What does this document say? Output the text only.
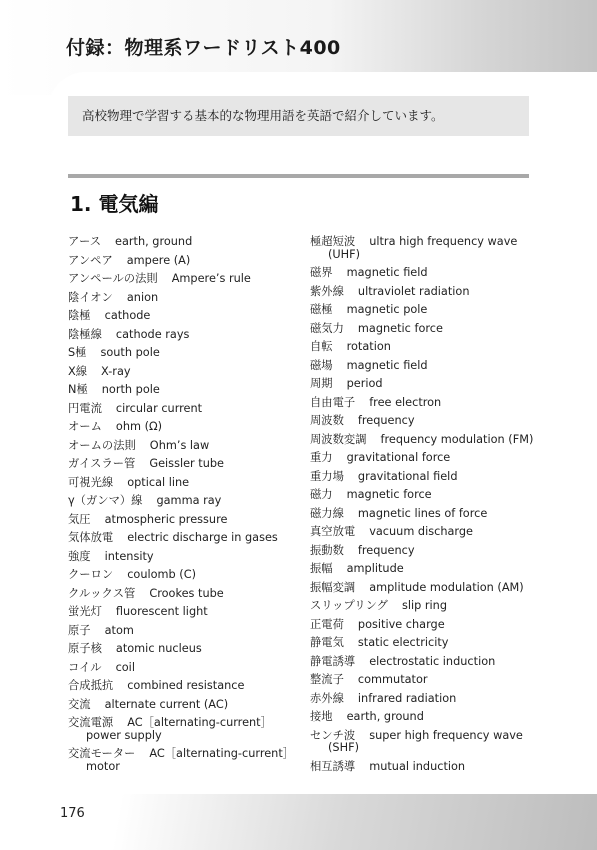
付録：物理系ワードリスト400
高校物理で学習する基本的な物理用語を英語で紹介しています。
1. 電気編
アース earth, ground
アンペア ampere (A)
アンペールの法則 Ampere’s rule
陰イオン anion
陰極 cathode
陰極線 cathode rays
S極 south pole
X線 X-ray
N極 north pole
円電流 circular current
オーム ohm (Ω)
オームの法則 Ohm’s law
ガイスラー管 Geissler tube
可視光線 optical line
γ（ガンマ）線 gamma ray
気圧 atmospheric pressure
気体放電 electric discharge in gases
強度 intensity
クーロン coulomb (C)
クルックス管 Crookes tube
蛍光灯 fluorescent light
原子 atom
原子核 atomic nucleus
コイル coil
合成抵抗 combined resistance
交流 alternate current (AC)
交流電源 AC［alternating-current］
power supply
交流モーター AC［alternating-current］
motor
極超短波 ultra high frequency wave
(UHF)
磁界 magnetic field
紫外線 ultraviolet radiation
磁極 magnetic pole
磁気力 magnetic force
自転 rotation
磁場 magnetic field
周期 period
自由電子 free electron
周波数 frequency
周波数変調 frequency modulation (FM)
重力 gravitational force
重力場 gravitational field
磁力 magnetic force
磁力線 magnetic lines of force
真空放電 vacuum discharge
振動数 frequency
振幅 amplitude
振幅変調 amplitude modulation (AM)
スリップリング slip ring
正電荷 positive charge
静電気 static electricity
静電誘導 electrostatic induction
整流子 commutator
赤外線 infrared radiation
接地 earth, ground
センチ波 super high frequency wave
(SHF)
相互誘導 mutual induction
176
